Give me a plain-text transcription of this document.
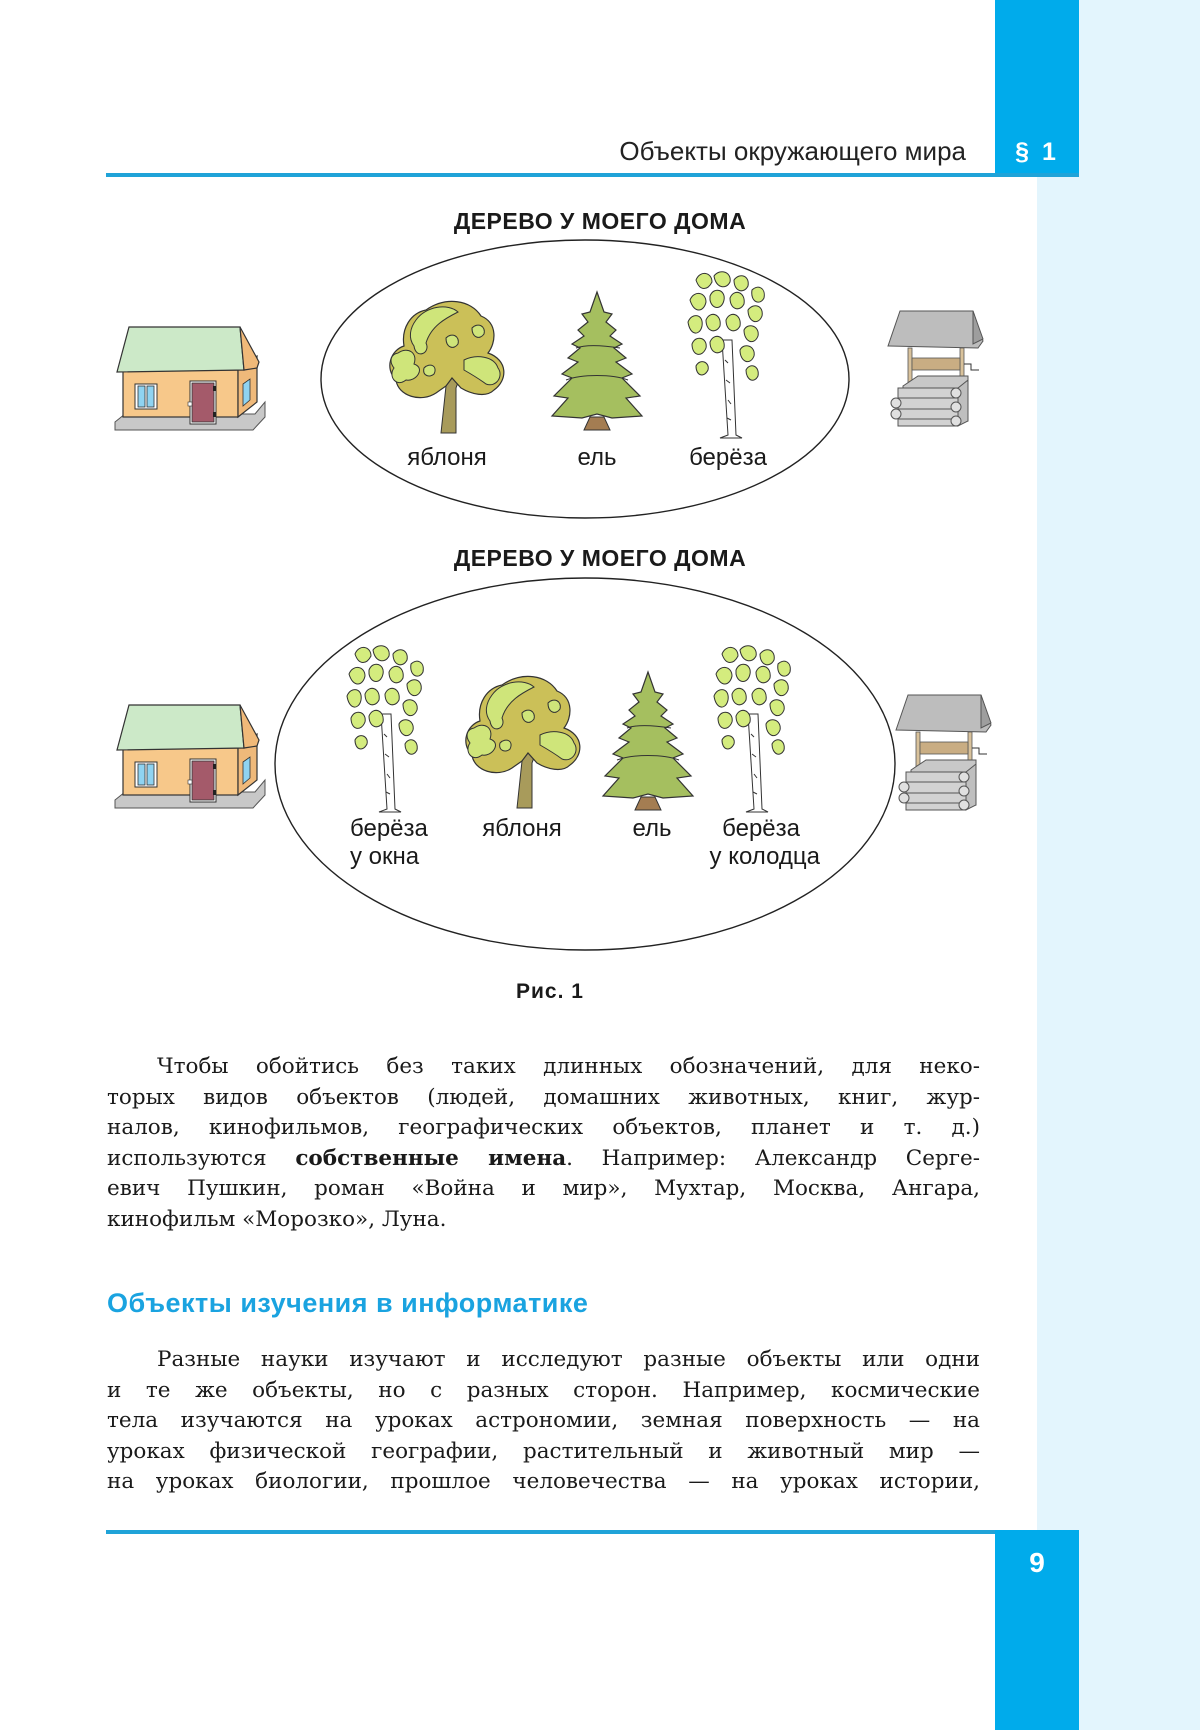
§ 1
Объекты окружающего мира
ДЕРЕВО У МОЕГО ДОМА
яблоня	ель	берёза
ДЕРЕВО У МОЕГО ДОМА
берёза
у окна
яблоня	ель	берёза
у колодца
Рис. 1
Чтобы обойтись без таких длинных обозначений, для неко-
торых видов объектов (людей, домашних животных, книг, жур-
налов, кинофильмов, географических объектов, планет и т. д.)
используются собственные имена. Например: Александр Серге-
евич Пушкин, роман «Война и мир», Мухтар, Москва, Ангара,
кинофильм «Морозко», Луна.
Объекты изучения в информатике
Разные науки изучают и исследуют разные объекты или одни
и те же объекты, но с разных сторон. Например, космические
тела изучаются на уроках астрономии, земная поверхность — на
уроках физической географии, растительный и животный мир —
на уроках биологии, прошлое человечества — на уроках истории,
9
